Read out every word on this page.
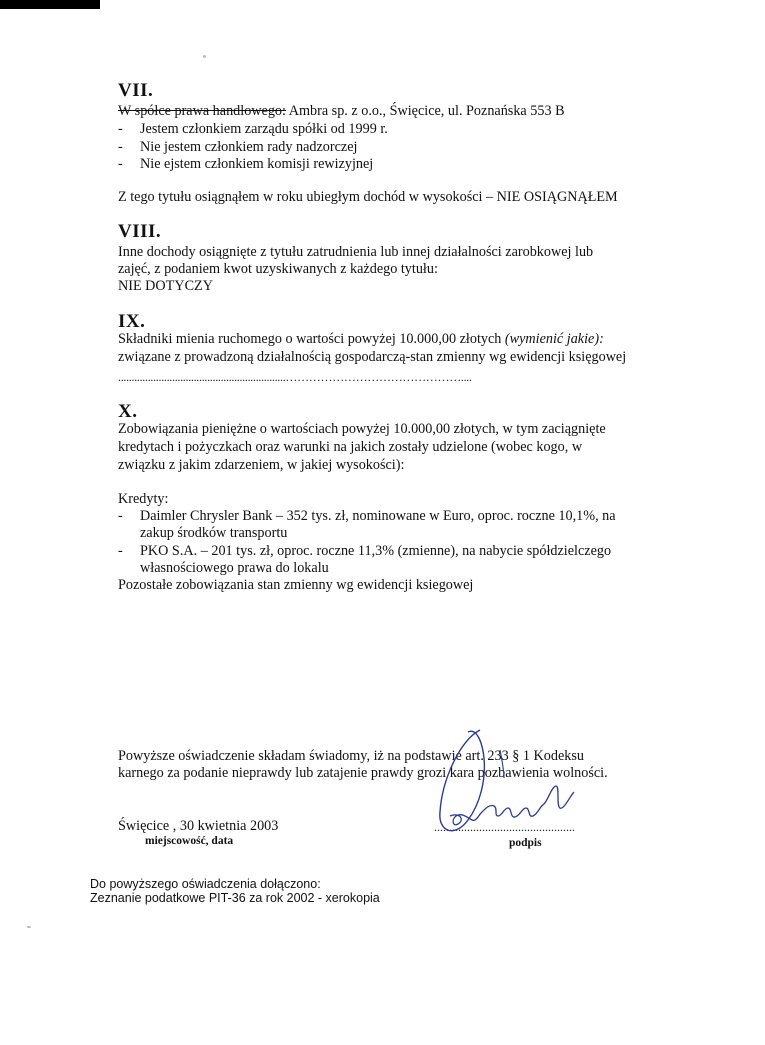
VII.
W spółce prawa handlowego: Ambra sp. z o.o., Święcice, ul. Poznańska 553 B
- Jestem członkiem zarządu spółki od 1999 r.
- Nie jestem członkiem rady nadzorczej
- Nie ejstem członkiem komisji rewizyjnej
Z tego tytułu osiągnąłem w roku ubiegłym dochód w wysokości – NIE OSIĄGNĄŁEM
VIII.
Inne dochody osiągnięte z tytułu zatrudnienia lub innej działalności zarobkowej lub
zajęć, z podaniem kwot uzyskiwanych z każdego tytułu:
NIE DOTYCZY
IX.
Składniki mienia ruchomego o wartości powyżej 10.000,00 złotych (wymienić jakie):
związane z prowadzoną działalnością gospodarczą-stan zmienny wg ewidencji księgowej
..............................................................………………………………………....
X.
Zobowiązania pieniężne o wartościach powyżej 10.000,00 złotych, w tym zaciągnięte
kredytach i pożyczkach oraz warunki na jakich zostały udzielone (wobec kogo, w
związku z jakim zdarzeniem, w jakiej wysokości):
Kredyty:
- Daimler Chrysler Bank – 352 tys. zł, nominowane w Euro, oproc. roczne 10,1%, na
zakup środków transportu
- PKO S.A. – 201 tys. zł, oproc. roczne 11,3% (zmienne), na nabycie spółdzielczego
własnościowego prawa do lokalu
Pozostałe zobowiązania stan zmienny wg ewidencji ksiegowej
Powyższe oświadczenie składam świadomy, iż na podstawie art. 233 § 1 Kodeksu
karnego za podanie nieprawdy lub zatajenie prawdy grozi kara pozbawienia wolności.
Święcice , 30 kwietnia 2003
miejscowość, data
...............................................
podpis
Do powyższego oświadczenia dołączono:
Zeznanie podatkowe PIT-36 za rok 2002 - xerokopia
